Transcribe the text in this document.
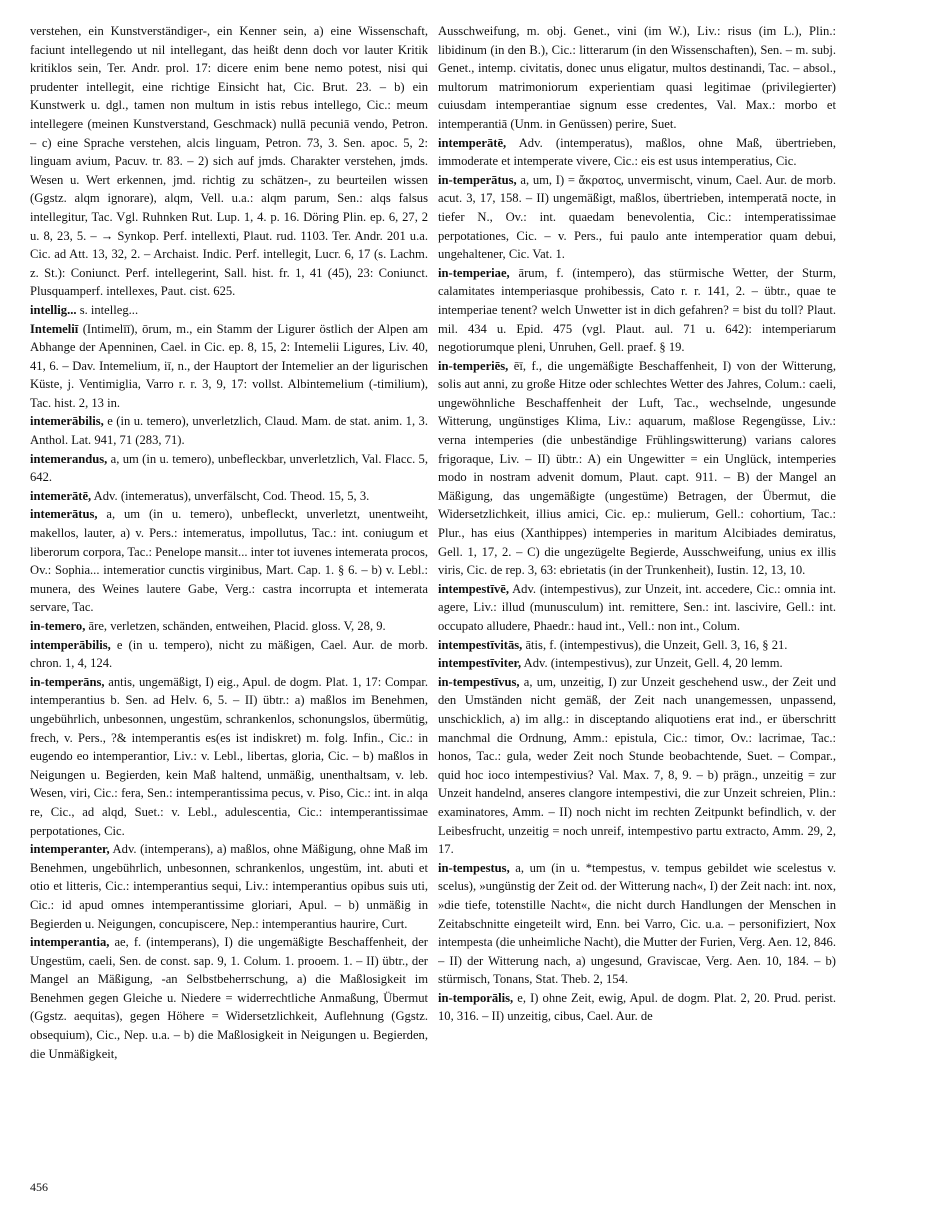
verstehen, ein Kunstverständiger-, ein Kenner sein, a) eine Wissenschaft, faciunt intellegendo ut nil intellegant, das heißt denn doch vor lauter Kritik kritiklos sein, Ter. Andr. prol. 17: dicere enim bene nemo potest, nisi qui prudenter intellegit, eine richtige Einsicht hat, Cic. Brut. 23. – b) ein Kunstwerk u. dgl., tamen non multum in istis rebus intellego, Cic.: meum intellegere (meinen Kunstverstand, Geschmack) nullā pecuniā vendo, Petron. – c) eine Sprache verstehen, alcis linguam, Petron. 73, 3. Sen. apoc. 5, 2: linguam avium, Pacuv. tr. 83. – 2) sich auf jmds. Charakter verstehen, jmds. Wesen u. Wert erkennen, jmd. richtig zu schätzen-, zu beurteilen wissen (Ggstz. alqm ignorare), alqm, Vell. u.a.: alqm parum, Sen.: alqs falsus intellegitur, Tac. Vgl. Ruhnken Rut. Lup. 1, 4. p. 16. Döring Plin. ep. 6, 27, 2 u. 8, 23, 5. – → Synkop. Perf. intellexti, Plaut. rud. 1103. Ter. Andr. 201 u.a. Cic. ad Att. 13, 32, 2. – Archaist. Indic. Perf. intellegit, Lucr. 6, 17 (s. Lachm. z. St.): Coniunct. Perf. intellegerint, Sall. hist. fr. 1, 41 (45), 23: Coniunct. Plusquamperf. intellexes, Paut. cist. 625.

intellig... s. intelleg...

Intemeliī (Intimelīī), ōrum, m., ein Stamm der Ligurer östlich der Alpen am Abhange der Apenninen, Cael. in Cic. ep. 8, 15, 2: Intemelii Ligures, Liv. 40, 41, 6. – Dav. Intemelium, iī, n., der Hauptort der Intemelier an der ligurischen Küste, j. Ventimiglia, Varro r. r. 3, 9, 17: vollst. Albintemelium (-timilium), Tac. hist. 2, 13 in.

intemerābilis, e (in u. temero), unverletzlich, Claud. Mam. de stat. anim. 1, 3. Anthol. Lat. 941, 71 (283, 71).

intemerandus, a, um (in u. temero), unbefleckbar, unverletzlich, Val. Flacc. 5, 642.

intemerātē, Adv. (intemeratus), unverfälscht, Cod. Theod. 15, 5, 3.

intemerātus, a, um (in u. temero), unbefleckt, unverletzt, unentweiht, makellos, lauter, a) v. Pers.: intemeratus, impollutus, Tac.: int. coniugum et liberorum corpora, Tac.: Penelope mansit... inter tot iuvenes intemerata procos, Ov.: Sophia... intemeratior cunctis virginibus, Mart. Cap. 1. § 6. – b) v. Lebl.: munera, des Weines lautere Gabe, Verg.: castra incorrupta et intemerata servare, Tac.

in-temero, āre, verletzen, schänden, entweihen, Placid. gloss. V, 28, 9.

intemperābilis, e (in u. tempero), nicht zu mäßigen, Cael. Aur. de morb. chron. 1, 4, 124.

in-temperāns, antis, ungemäßigt, I) eig., Apul. de dogm. Plat. 1, 17: Compar. intemperantius b. Sen. ad Helv. 6, 5. – II) übtr.: a) maßlos im Benehmen, ungebührlich, unbesonnen, ungestüm, schrankenlos, schonungslos, übermütig, frech, v. Pers., ?& intemperantis es(es ist indiskret) m. folg. Infin., Cic.: in eugendo eo intemperantior, Liv.: v. Lebl., libertas, gloria, Cic. – b) maßlos in Neigungen u. Begierden, kein Maß haltend, unmäßig, unenthaltsam, v. leb. Wesen, viri, Cic.: fera, Sen.: intemperantissima pecus, v. Piso, Cic.: int. in alqa re, Cic., ad alqd, Suet.: v. Lebl., adulescentia, Cic.: intemperantissimae perpotationes, Cic.

intemperanter, Adv. (intemperans), a) maßlos, ohne Mäßigung, ohne Maß im Benehmen, ungebührlich, unbesonnen, schrankenlos, ungestüm, int. abuti et otio et litteris, Cic.: intemperantius sequi, Liv.: intemperantius opibus suis uti, Cic.: id apud omnes intemperantissime gloriari, Apul. – b) unmäßig in Begierden u. Neigungen, concupiscere, Nep.: intemperantius haurire, Curt.

intemperantia, ae, f. (intemperans), I) die ungemäßigte Beschaffenheit, der Ungestüm, caeli, Sen. de const. sap. 9, 1. Colum. 1. prooem. 1. – II) übtr., der Mangel an Mäßigung, -an Selbstbeherrschung, a) die Maßlosigkeit im Benehmen gegen Gleiche u. Niedere = widerrechtliche Anmaßung, Übermut (Ggstz. aequitas), gegen Höhere = Widersetzlichkeit, Auflehnung (Ggstz. obsequium), Cic., Nep. u.a. – b) die Maßlosigkeit in Neigungen u. Begierden, die Unmäßigkeit,

Ausschweifung, m. obj. Genet., vini (im W.), Liv.: risus (im L.), Plin.: libidinum (in den B.), Cic.: litterarum (in den Wissenschaften), Sen. – m. subj. Genet., intemp. civitatis, donec unus eligatur, multos destinandi, Tac. – absol., multorum matrimoniorum experientiam quasi legitimae (privilegierter) cuiusdam intemperantiae signum esse credentes, Val. Max.: morbo et intemperantiā (Unm. in Genüssen) perire, Suet.

intemperātē, Adv. (intemperatus), maßlos, ohne Maß, übertrieben, immoderate et intemperate vivere, Cic.: eis est usus intemperatius, Cic.

in-temperātus, a, um, I) = ἄκρατος, unvermischt, vinum, Cael. Aur. de morb. acut. 3, 17, 158. – II) ungemäßigt, maßlos, übertrieben, intemperatā nocte, in tiefer N., Ov.: int. quaedam benevolentia, Cic.: intemperatissimae perpotationes, Cic. – v. Pers., fui paulo ante intemperatior quam debui, ungehaltener, Cic. Vat. 1.

in-temperiae, ārum, f. (intempero), das stürmische Wetter, der Sturm, calamitates intemperiasque prohibessis, Cato r. r. 141, 2. – übtr., quae te intemperiae tenent? welch Unwetter ist in dich gefahren? = bist du toll? Plaut. mil. 434 u. Epid. 475 (vgl. Plaut. aul. 71 u. 642): intemperiarum negotiorumque pleni, Unruhen, Gell. praef. § 19.

in-temperiēs, ēī, f., die ungemäßigte Beschaffenheit, I) von der Witterung, solis aut anni, zu große Hitze oder schlechtes Wetter des Jahres, Colum.: caeli, ungewöhnliche Beschaffenheit der Luft, Tac., wechselnde, ungesunde Witterung, ungünstiges Klima, Liv.: aquarum, maßlose Regengüsse, Liv.: verna intemperies (die unbeständige Frühlingswitterung) varians calores frigoraque, Liv. – II) übtr.: A) ein Ungewitter = ein Unglück, intemperies modo in nostram advenit domum, Plaut. capt. 911. – B) der Mangel an Mäßigung, das ungemäßigte (ungestüme) Betragen, der Übermut, die Widersetzlichkeit, illius amici, Cic. ep.: mulierum, Gell.: cohortium, Tac.: Plur., has eius (Xanthippes) intemperies in maritum Alcibiades demiratus, Gell. 1, 17, 2. – C) die ungezügelte Begierde, Ausschweifung, unius ex illis viris, Cic. de rep. 3, 63: ebrietatis (in der Trunkenheit), Iustin. 12, 13, 10.

intempestīvē, Adv. (intempestivus), zur Unzeit, int. accedere, Cic.: omnia int. agere, Liv.: illud (munusculum) int. remittere, Sen.: int. lascivire, Gell.: int. occupato alludere, Phaedr.: haud int., Vell.: non int., Colum.

intempestīvitās, ātis, f. (intempestivus), die Unzeit, Gell. 3, 16, § 21.

intempestīviter, Adv. (intempestivus), zur Unzeit, Gell. 4, 20 lemm.

in-tempestīvus, a, um, unzeitig, I) zur Unzeit geschehend usw., der Zeit und den Umständen nicht gemäß, der Zeit nach unangemessen, unpassend, unschicklich, a) im allg.: in disceptando aliquotiens erat ind., er überschritt manchmal die Ordnung, Amm.: epistula, Cic.: timor, Ov.: lacrimae, Tac.: honos, Tac.: gula, weder Zeit noch Stunde beobachtende, Suet. – Compar., quid hoc ioco intempestivius? Val. Max. 7, 8, 9. – b) prägn., unzeitig = zur Unzeit handelnd, anseres clangore intempestivi, die zur Unzeit schreien, Plin.: examinatores, Amm. – II) noch nicht im rechten Zeitpunkt befindlich, v. der Leibesfrucht, unzeitig = noch unreif, intempestivo partu extracto, Amm. 29, 2, 17.

in-tempestus, a, um (in u. *tempestus, v. tempus gebildet wie scelestus v. scelus), »ungünstig der Zeit od. der Witterung nach«, I) der Zeit nach: int. nox, »die tiefe, totenstille Nacht«, die nicht durch Handlungen der Menschen in Zeitabschnitte eingeteilt wird, Enn. bei Varro, Cic. u.a. – personifiziert, Nox intempesta (die unheimliche Nacht), die Mutter der Furien, Verg. Aen. 12, 846. – II) der Witterung nach, a) ungesund, Graviscae, Verg. Aen. 10, 184. – b) stürmisch, Tonans, Stat. Theb. 2, 154.

in-temporālis, e, I) ohne Zeit, ewig, Apul. de dogm. Plat. 2, 20. Prud. perist. 10, 316. – II) unzeitig, cibus, Cael. Aur. de

456
